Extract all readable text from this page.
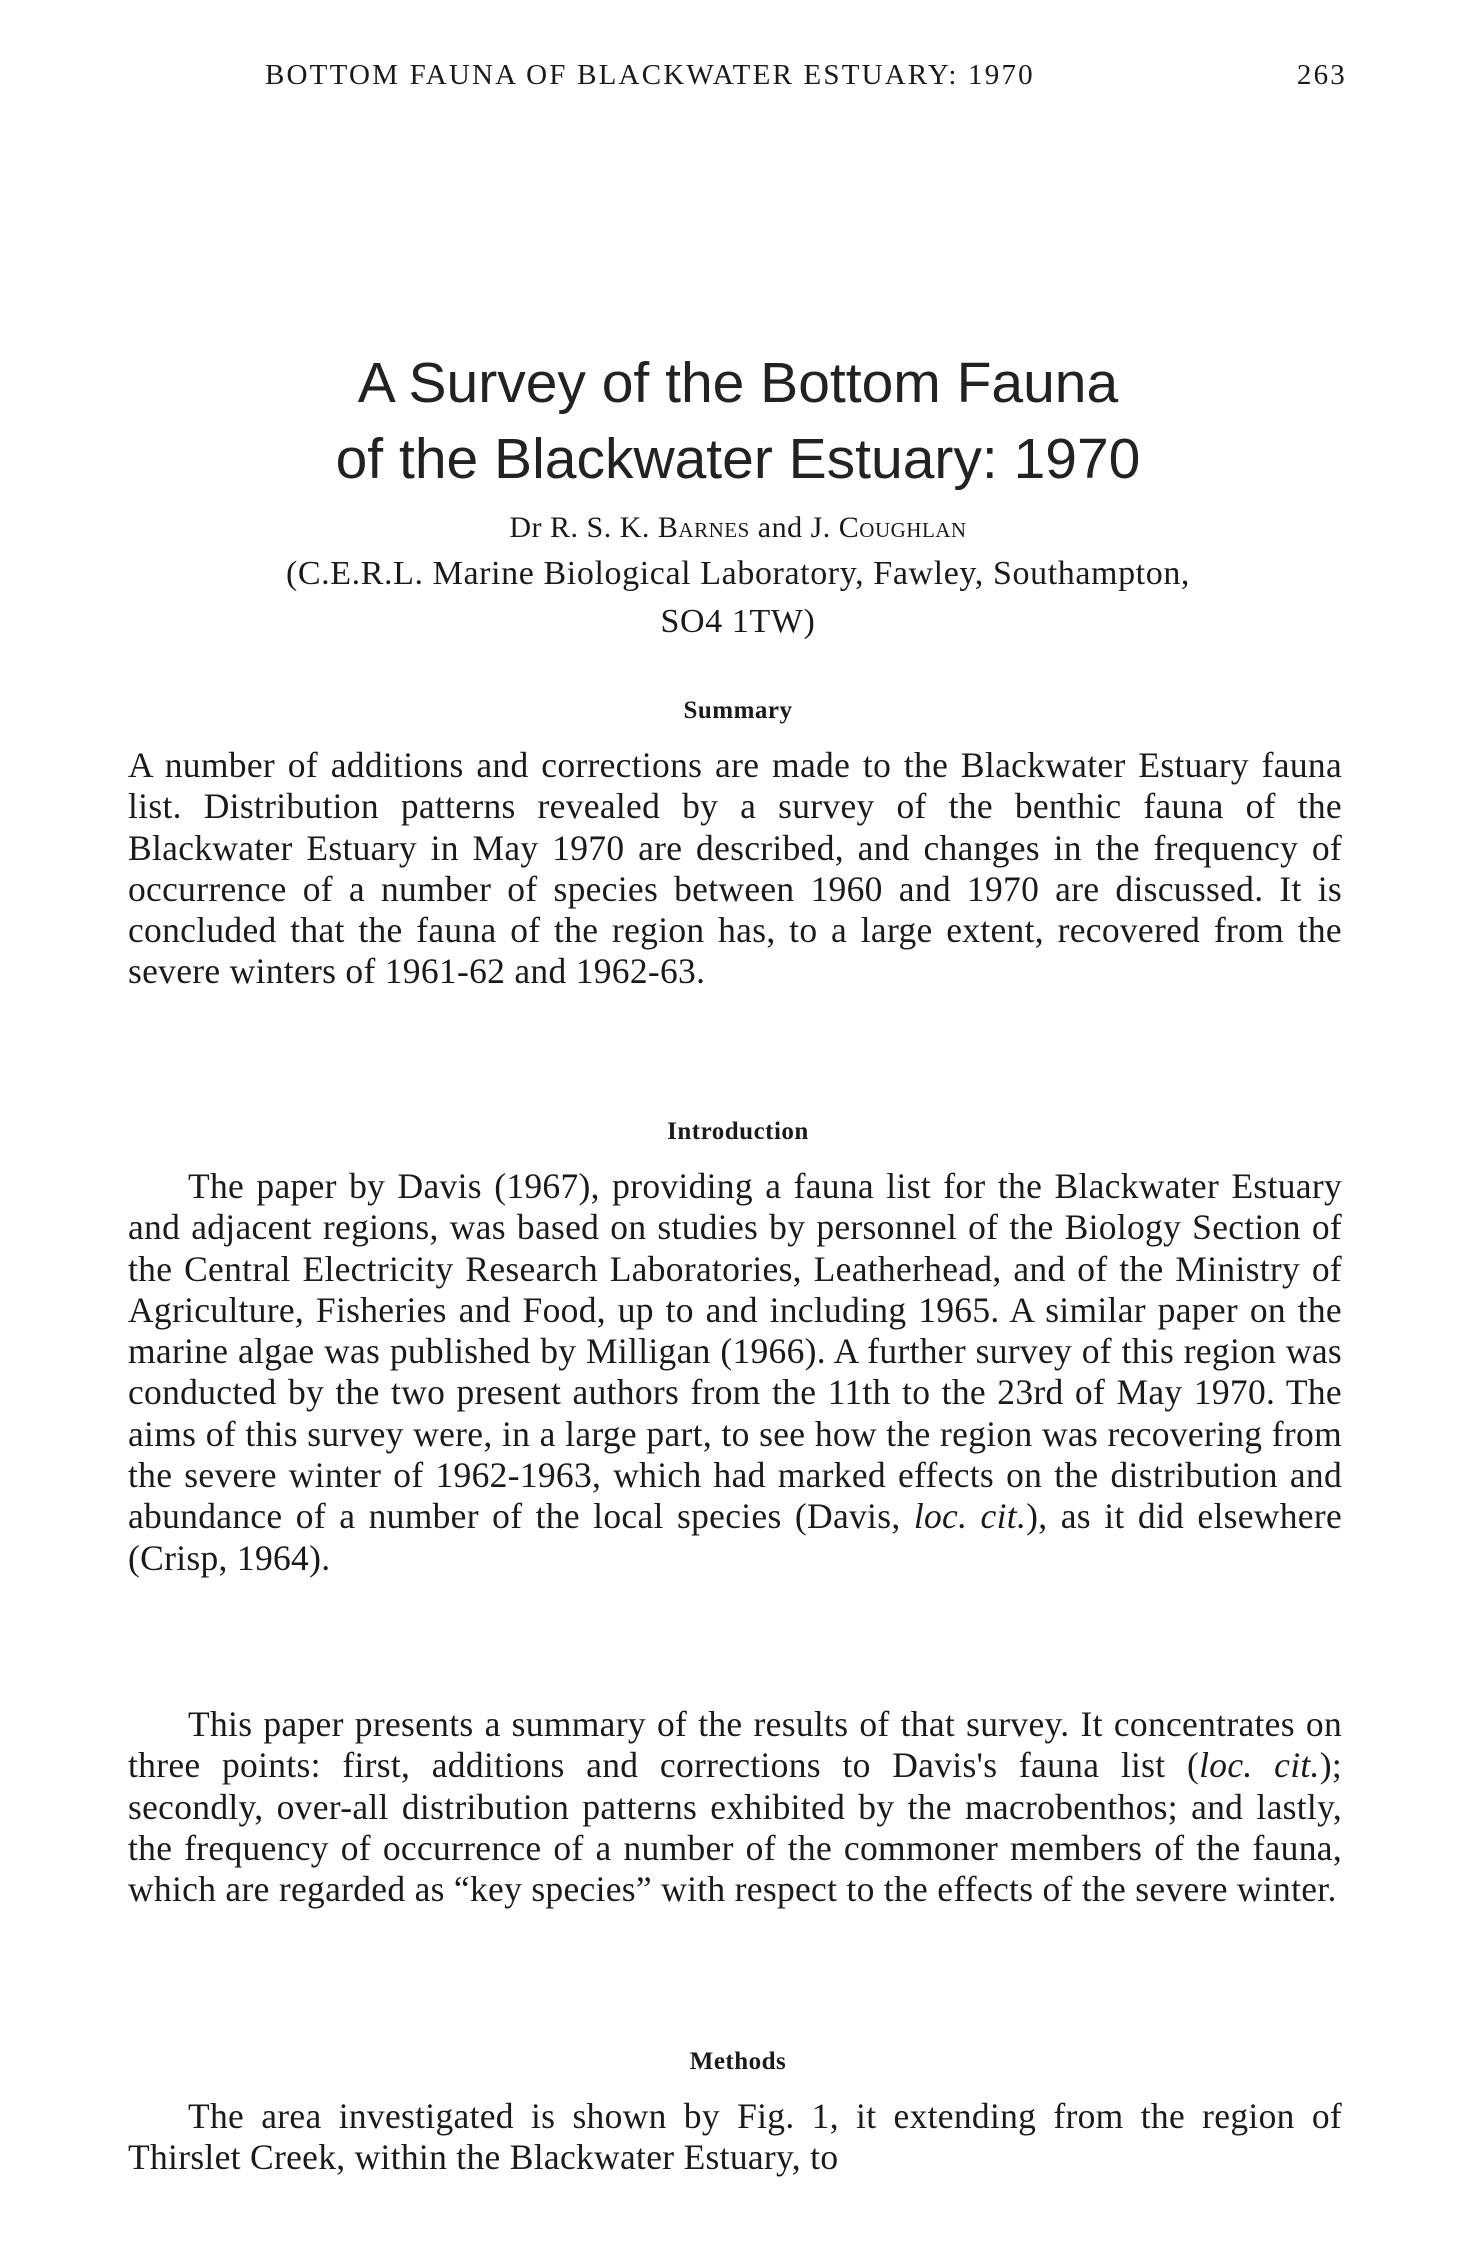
BOTTOM FAUNA OF BLACKWATER ESTUARY: 1970	263
A Survey of the Bottom Fauna
of the Blackwater Estuary: 1970
Dr R. S. K. Barnes and J. Coughlan
(C.E.R.L. Marine Biological Laboratory, Fawley, Southampton,
SO4 1TW)
Summary

A number of additions and corrections are made to the Blackwater Estuary fauna list. Distribution patterns revealed by a survey of the benthic fauna of the Blackwater Estuary in May 1970 are described, and changes in the frequency of occurrence of a number of species between 1960 and 1970 are discussed. It is concluded that the fauna of the region has, to a large extent, recovered from the severe winters of 1961-62 and 1962-63.

Introduction

The paper by Davis (1967), providing a fauna list for the Blackwater Estuary and adjacent regions, was based on studies by personnel of the Biology Section of the Central Electricity Research Laboratories, Leatherhead, and of the Ministry of Agriculture, Fisheries and Food, up to and including 1965. A similar paper on the marine algae was published by Milligan (1966). A further survey of this region was conducted by the two present authors from the 11th to the 23rd of May 1970. The aims of this survey were, in a large part, to see how the region was recovering from the severe winter of 1962-1963, which had marked effects on the distribution and abundance of a number of the local species (Davis, loc. cit.), as it did elsewhere (Crisp, 1964).

This paper presents a summary of the results of that survey. It concentrates on three points: first, additions and corrections to Davis's fauna list (loc. cit.); secondly, over-all distribution patterns exhibited by the macrobenthos; and lastly, the frequency of occurrence of a number of the commoner members of the fauna, which are regarded as “key species” with respect to the effects of the severe winter.

Methods

The area investigated is shown by Fig. 1, it extending from the region of Thirslet Creek, within the Blackwater Estuary, to
